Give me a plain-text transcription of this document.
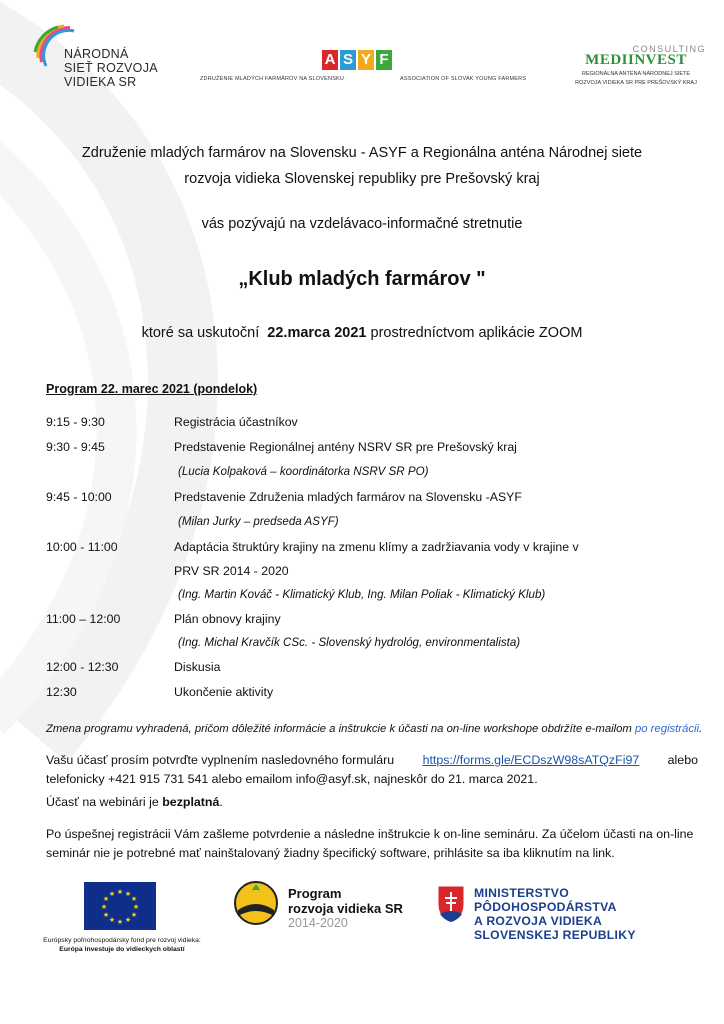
NÁRODNÁ
SIEŤ ROZVOJA
VIDIEKA SR
A S Y F
ZDRUŽENIE MLADÝCH FARMÁROV NA SLOVENSKU	ASSOCIATION OF SLOVAK YOUNG FARMERS
CONSULTING
MEDIINVEST
REGIONÁLNA ANTÉNA NÁRODNEJ SIETE
ROZVOJA VIDIEKA SR PRE PREŠOVSKÝ KRAJ
Združenie mladých farmárov na Slovensku - ASYF a Regionálna anténa Národnej siete
rozvoja vidieka Slovenskej republiky pre Prešovský kraj
vás pozývajú na vzdelávaco-informačné stretnutie
„Klub mladých farmárov "
ktoré sa uskutoční 22.marca 2021 prostredníctvom aplikácie ZOOM
Program 22. marec 2021 (pondelok)
9:15 - 9:30	Registrácia účastníkov
9:30 - 9:45	Predstavenie Regionálnej antény NSRV SR pre Prešovský kraj
(Lucia Kolpaková – koordinátorka NSRV SR PO)
9:45 - 10:00	Predstavenie Združenia mladých farmárov na Slovensku -ASYF
(Milan Jurky – predseda ASYF)
10:00 - 11:00	Adaptácia štruktúry krajiny na zmenu klímy a zadržiavania vody v krajine v
PRV SR 2014 - 2020
(Ing. Martin Kováč - Klimatický Klub, Ing. Milan Poliak - Klimatický Klub)
11:00 – 12:00	Plán obnovy krajiny
(Ing. Michal Kravčík CSc. - Slovenský hydrológ, environmentalista)
12:00 - 12:30	Diskusia
12:30	Ukončenie aktivity
Zmena programu vyhradená, pričom dôležité informácie a inštrukcie k účasti na on-line workshope obdržíte e-mailom po registrácii.
Vašu účasť prosím potvrďte vyplnením nasledovného formuláru https://forms.gle/ECDszW98sATQzFi97 alebo
telefonicky +421 915 731 541 alebo emailom info@asyf.sk, najneskôr do 21. marca 2021.
Účasť na webinári je bezplatná.
Po úspešnej registrácii Vám zašleme potvrdenie a následne inštrukcie k on-line semináru. Za účelom účasti na on-line
seminár nie je potrebné mať nainštalovaný žiadny špecifický software, prihlásite sa iba kliknutím na link.
★ ★
★
★
★
★
★
★
★
★
★
★
Európsky poľnohospodársky fond pre rozvoj vidieka:
Európa investuje do vidieckych oblastí
Program
rozvoja vidieka SR
2014-2020
MINISTERSTVO
PÔDOHOSPODÁRSTVA
A ROZVOJA VIDIEKA
SLOVENSKEJ REPUBLIKY
